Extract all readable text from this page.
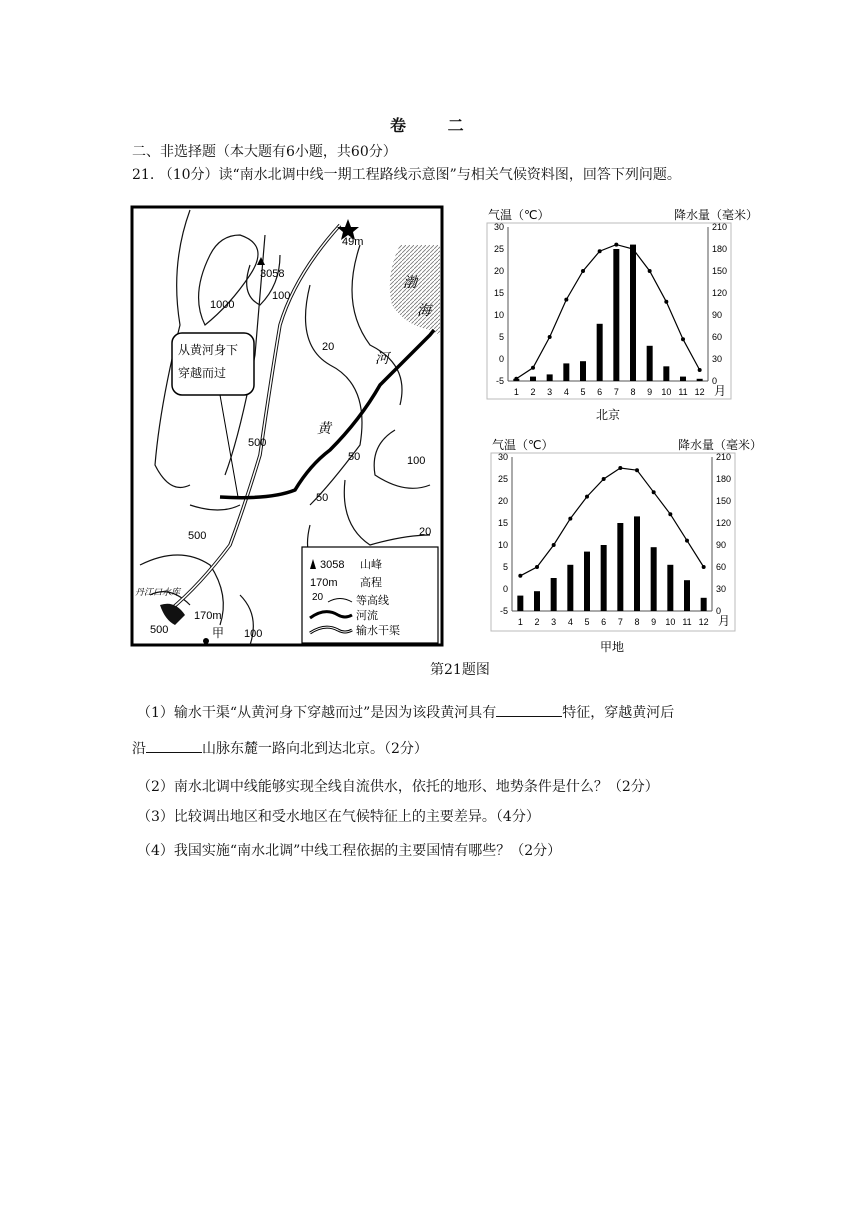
卷 二
二、非选择题（本大题有6小题，共60分）
21. （10分）读“南水北调中线一期工程路线示意图”与相关气候资料图，回答下列问题。
从黄河身下
穿越而过
3058
49m
1000
100
20
500
50	100
50
20
500
500	100
170m
丹江口水库
甲
渤
海
河
黄
3058 山峰
170m 高程
20	等高线
河流
输水干渠
气温（℃）	降水量（毫米）
30
25
20
15
10
5
0
-5
210
180
150
120
90
60
30
0
1 2 3 4 5 6 7 8 9 10 11 12 月
北京
气温（℃）	降水量（毫米）
30
25
20
15
10
5
0
-5
210
180
150
120
90
60
30
0
1 2 3 4 5 6 7 8 9 10 11 12 月
甲地
第21题图
（1）输水干渠“从黄河身下穿越而过”是因为该段黄河具有	特征，穿越黄河后
沿	山脉东麓一路向北到达北京。（2分）
（2）南水北调中线能够实现全线自流供水，依托的地形、地势条件是什么？（2分）
（3）比较调出地区和受水地区在气候特征上的主要差异。（4分）
（4）我国实施“南水北调”中线工程依据的主要国情有哪些？（2分）
